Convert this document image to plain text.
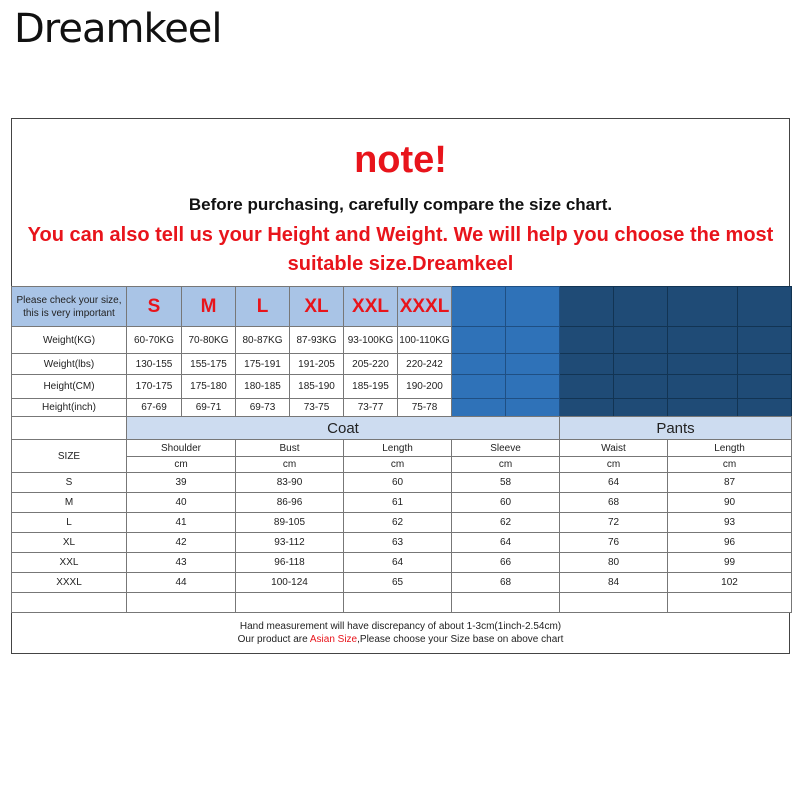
Dreamkeel
note!
Before purchasing, carefully compare the size chart.
You can also tell us your Height and Weight. We will help you choose the most suitable size.Dreamkeel
Please check your size, this is very important	S	M	L	XL	XXL	XXXL						
Weight(KG)	60-70KG	70-80KG	80-87KG	87-93KG	93-100KG	100-110KG						
Weight(lbs)	130-155	155-175	175-191	191-205	205-220	220-242						
Height(CM)	170-175	175-180	180-185	185-190	185-195	190-200						
Height(inch)	67-69	69-71	69-73	73-75	73-77	75-78						
	Coat				Pants	
SIZE	Shoulder	Bust	Length	Sleeve	Waist	Length
	cm	cm	cm	cm	cm	cm
S	39	83-90	60	58	64	87
M	40	86-96	61	60	68	90
L	41	89-105	62	62	72	93
XL	42	93-112	63	64	76	96
XXL	43	96-118	64	66	80	99
XXXL	44	100-124	65	68	84	102

Hand measurement will have discrepancy of about 1-3cm(1inch-2.54cm)
Our product are Asian Size,Please choose your Size base on above chart
